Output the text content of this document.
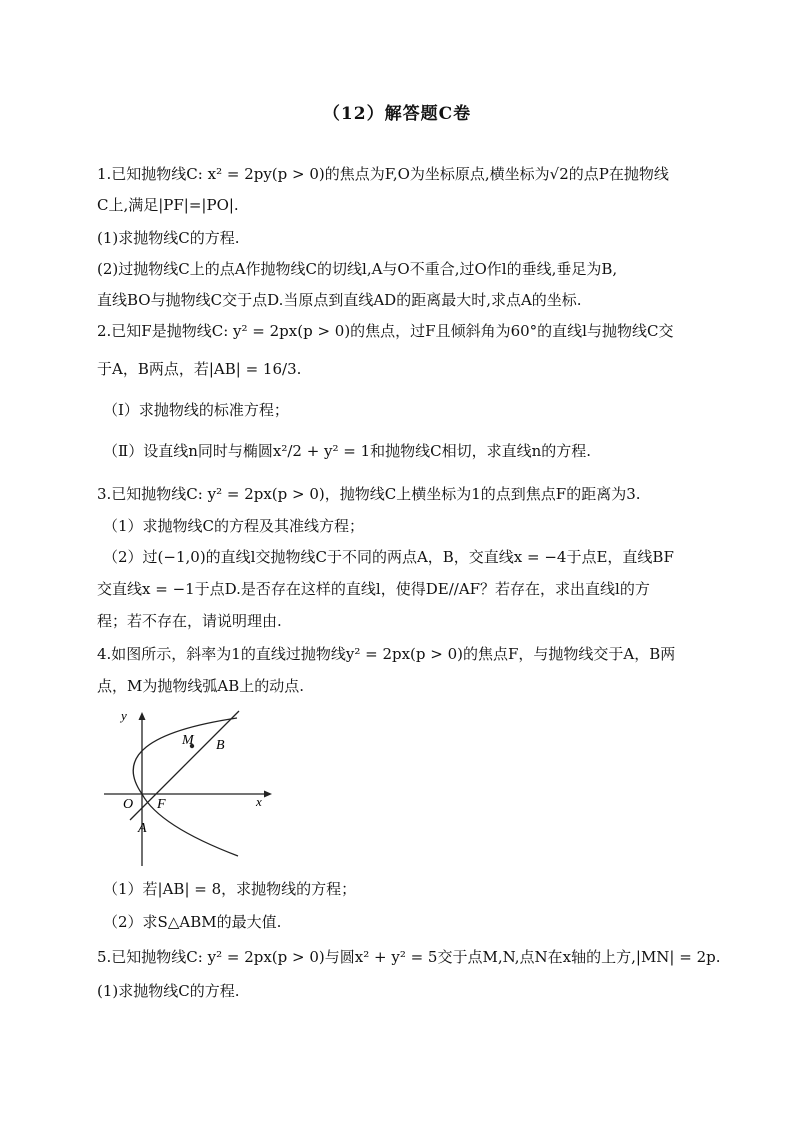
（12）解答题C卷
1.已知抛物线C: x² = 2py(p > 0)的焦点为F,O为坐标原点,横坐标为√2的点P在抛物线
C上,满足|PF|=|PO|.
(1)求抛物线C的方程.
(2)过抛物线C上的点A作抛物线C的切线l,A与O不重合,过O作l的垂线,垂足为B,
直线BO与抛物线C交于点D.当原点到直线AD的距离最大时,求点A的坐标.
2.已知F是抛物线C: y² = 2px(p > 0)的焦点，过F且倾斜角为60°的直线l与抛物线C交
于A，B两点，若|AB| = 16/3.
（Ⅰ）求抛物线的标准方程；
（Ⅱ）设直线n同时与椭圆x²/2 + y² = 1和抛物线C相切，求直线n的方程.
3.已知抛物线C: y² = 2px(p > 0)，抛物线C上横坐标为1的点到焦点F的距离为3.
（1）求抛物线C的方程及其准线方程；
（2）过(−1,0)的直线l交抛物线C于不同的两点A，B，交直线x = −4于点E，直线BF
交直线x = −1于点D.是否存在这样的直线l，使得DE//AF？若存在，求出直线l的方
程；若不存在，请说明理由.
4.如图所示，斜率为1的直线过抛物线y² = 2px(p > 0)的焦点F，与抛物线交于A，B两
点，M为抛物线弧AB上的动点.
y
x
O F
A
B
M
（1）若|AB| = 8，求抛物线的方程；
（2）求S△ABM的最大值.
5.已知抛物线C: y² = 2px(p > 0)与圆x² + y² = 5交于点M,N,点N在x轴的上方,|MN| = 2p.
(1)求抛物线C的方程.
